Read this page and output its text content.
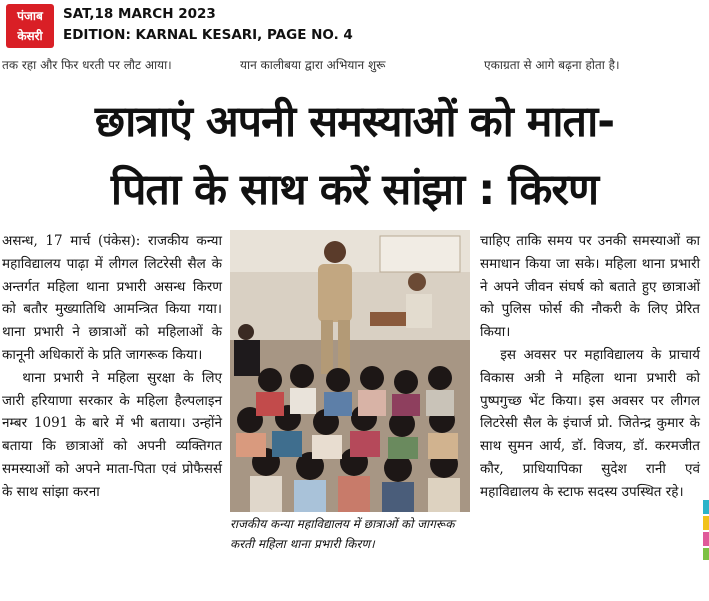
पंजाब
केसरी
SAT,18 MARCH 2023
EDITION: KARNAL KESARI, PAGE NO. 4
तक रहा और फिर धरती पर लौट आया।	यान कालीबया द्वारा अभियान शुरू	एकाग्रता से आगे बढ़ना होता है।
छात्राएं अपनी समस्याओं को माता-
पिता के साथ करें सांझा : किरण

असन्ध, 17 मार्च (पंकेस): राजकीय कन्या महाविद्यालय पाढ़ा में लीगल लिटरेसी सैल के अन्तर्गत महिला थाना प्रभारी असन्ध किरण को बतौर मुख्यातिथि आमन्त्रित किया गया। थाना प्रभारी ने छात्राओं को महिलाओं के कानूनी अधिकारों के प्रति जागरूक किया।

थाना प्रभारी ने महिला सुरक्षा के लिए जारी हरियाणा सरकार के महिला हैल्पलाइन नम्बर 1091 के बारे में भी बताया। उन्होंने बताया कि छात्राओं को अपनी व्यक्तिगत समस्याओं को अपने माता-पिता एवं प्रोफैसर्स के साथ सांझा करना

राजकीय कन्या महाविद्यालय में छात्राओं को जागरूक करती महिला थाना प्रभारी किरण।

चाहिए ताकि समय पर उनकी समस्याओं का समाधान किया जा सके। महिला थाना प्रभारी ने अपने जीवन संघर्ष को बताते हुए छात्राओं को पुलिस फोर्स की नौकरी के लिए प्रेरित किया।

इस अवसर पर महाविद्यालय के प्राचार्य विकास अत्री ने महिला थाना प्रभारी को पुष्पगुच्छ भेंट किया। इस अवसर पर लीगल लिटरेसी सैल के इंचार्ज प्रो. जितेन्द्र कुमार के साथ सुमन आर्य, डॉ. विजय, डॉ. करमजीत कौर, प्राधियापिका सुदेश रानी एवं महाविद्यालय के स्टाफ सदस्य उपस्थित रहे।
